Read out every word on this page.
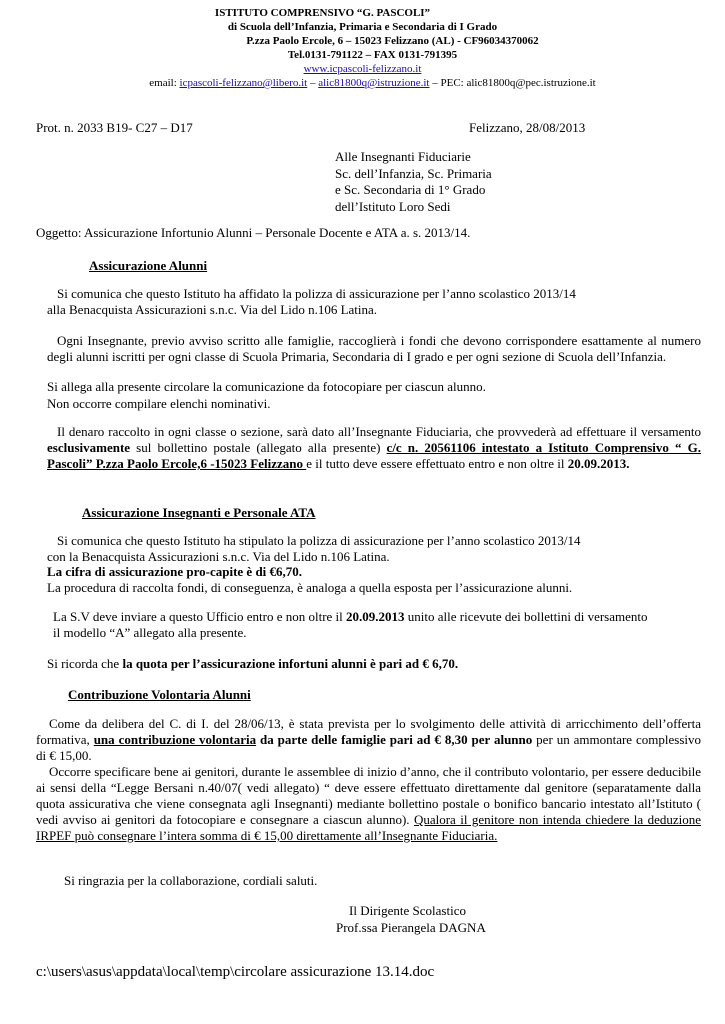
ISTITUTO COMPRENSIVO “G. PASCOLI”
di Scuola dell’Infanzia, Primaria e Secondaria di I Grado
P.zza Paolo Ercole, 6 – 15023 Felizzano (AL) - CF96034370062
Tel.0131-791122 – FAX 0131-791395
www.icpascoli-felizzano.it
email: icpascoli-felizzano@libero.it – alic81800q@istruzione.it – PEC: alic81800q@pec.istruzione.it
Prot. n. 2033 B19- C27 – D17	Felizzano, 28/08/2013
Alle Insegnanti Fiduciarie
Sc. dell’Infanzia, Sc. Primaria
e Sc. Secondaria di 1° Grado
dell’Istituto Loro Sedi
Oggetto: Assicurazione Infortunio Alunni – Personale Docente e ATA a. s. 2013/14.
Assicurazione Alunni
Si comunica che questo Istituto ha affidato la polizza di assicurazione per l’anno scolastico 2013/14
alla Benacquista Assicurazioni s.n.c. Via del Lido n.106 Latina.

Ogni Insegnante, previo avviso scritto alle famiglie, raccoglierà i fondi che devono corrispondere esattamente al numero degli alunni iscritti per ogni classe di Scuola Primaria, Secondaria di I grado e per ogni sezione di Scuola dell’Infanzia.

Si allega alla presente circolare la comunicazione da fotocopiare per ciascun alunno.
Non occorre compilare elenchi nominativi.

Il denaro raccolto in ogni classe o sezione, sarà dato all’Insegnante Fiduciaria, che provvederà ad effettuare il versamento esclusivamente sul bollettino postale (allegato alla presente) c/c n. 20561106 intestato a Istituto Comprensivo “ G. Pascoli” P.zza Paolo Ercole,6 -15023 Felizzano e il tutto deve essere effettuato entro e non oltre il 20.09.2013.

Assicurazione Insegnanti e Personale ATA
Si comunica che questo Istituto ha stipulato la polizza di assicurazione per l’anno scolastico 2013/14
con la Benacquista Assicurazioni s.n.c. Via del Lido n.106 Latina.
La cifra di assicurazione pro-capite è di €6,70.
La procedura di raccolta fondi, di conseguenza, è analoga a quella esposta per l’assicurazione alunni.
La S.V deve inviare a questo Ufficio entro e non oltre il 20.09.2013 unito alle ricevute dei bollettini di versamento
il modello “A” allegato alla presente.
Si ricorda che la quota per l’assicurazione infortuni alunni è pari ad € 6,70.
Contribuzione Volontaria Alunni

Come da delibera del C. di I. del 28/06/13, è stata prevista per lo svolgimento delle attività di arricchimento dell’offerta formativa, una contribuzione volontaria da parte delle famiglie pari ad € 8,30 per alunno per un ammontare complessivo di € 15,00.

Occorre specificare bene ai genitori, durante le assemblee di inizio d’anno, che il contributo volontario, per essere deducibile ai sensi della “Legge Bersani n.40/07( vedi allegato) “ deve essere effettuato direttamente dal genitore (separatamente dalla quota assicurativa che viene consegnata agli Insegnanti) mediante bollettino postale o bonifico bancario intestato all’Istituto ( vedi avviso ai genitori da fotocopiare e consegnare a ciascun alunno). Qualora il genitore non intenda chiedere la deduzione IRPEF può consegnare l’intera somma di € 15,00 direttamente all’Insegnante Fiduciaria.

Si ringrazia per la collaborazione, cordiali saluti.
Il Dirigente Scolastico
Prof.ssa Pierangela DAGNA
c:\users\asus\appdata\local\temp\circolare assicurazione 13.14.doc
